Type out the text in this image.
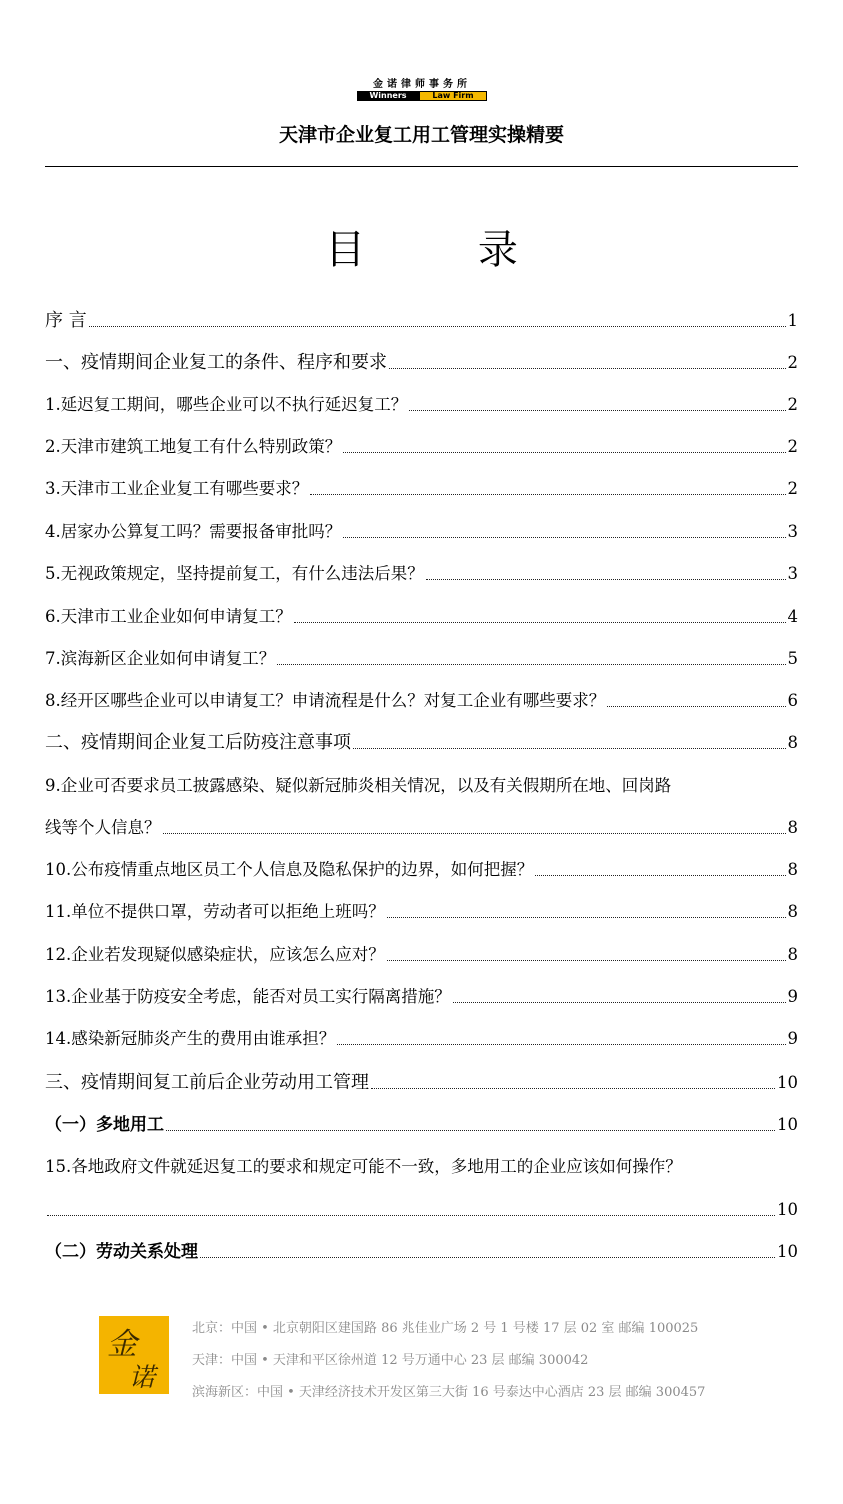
金诺律师事务所
Winners	Law Firm
天津市企业复工用工管理实操精要
目 录
序 言	1
一、疫情期间企业复工的条件、程序和要求	2
1.延迟复工期间，哪些企业可以不执行延迟复工？	2
2.天津市建筑工地复工有什么特别政策？	2
3.天津市工业企业复工有哪些要求？	2
4.居家办公算复工吗？需要报备审批吗？	3
5.无视政策规定，坚持提前复工，有什么违法后果？	3
6.天津市工业企业如何申请复工？	4
7.滨海新区企业如何申请复工？	5
8.经开区哪些企业可以申请复工？申请流程是什么？对复工企业有哪些要求？	6
二、疫情期间企业复工后防疫注意事项	8
9.企业可否要求员工披露感染、疑似新冠肺炎相关情况，以及有关假期所在地、回岗路
线等个人信息？	8
10.公布疫情重点地区员工个人信息及隐私保护的边界，如何把握？	8
11.单位不提供口罩，劳动者可以拒绝上班吗？	8
12.企业若发现疑似感染症状，应该怎么应对？	8
13.企业基于防疫安全考虑，能否对员工实行隔离措施？	9
14.感染新冠肺炎产生的费用由谁承担？	9
三、疫情期间复工前后企业劳动用工管理	10
（一）多地用工	10
15.各地政府文件就延迟复工的要求和规定可能不一致，多地用工的企业应该如何操作？
10
（二）劳动关系处理	10
金
诺
北京：中国 • 北京朝阳区建国路 86 兆佳业广场 2 号 1 号楼 17 层 02 室 邮编 100025
天津：中国 • 天津和平区徐州道 12 号万通中心 23 层 邮编 300042
滨海新区：中国 • 天津经济技术开发区第三大街 16 号泰达中心酒店 23 层 邮编 300457
